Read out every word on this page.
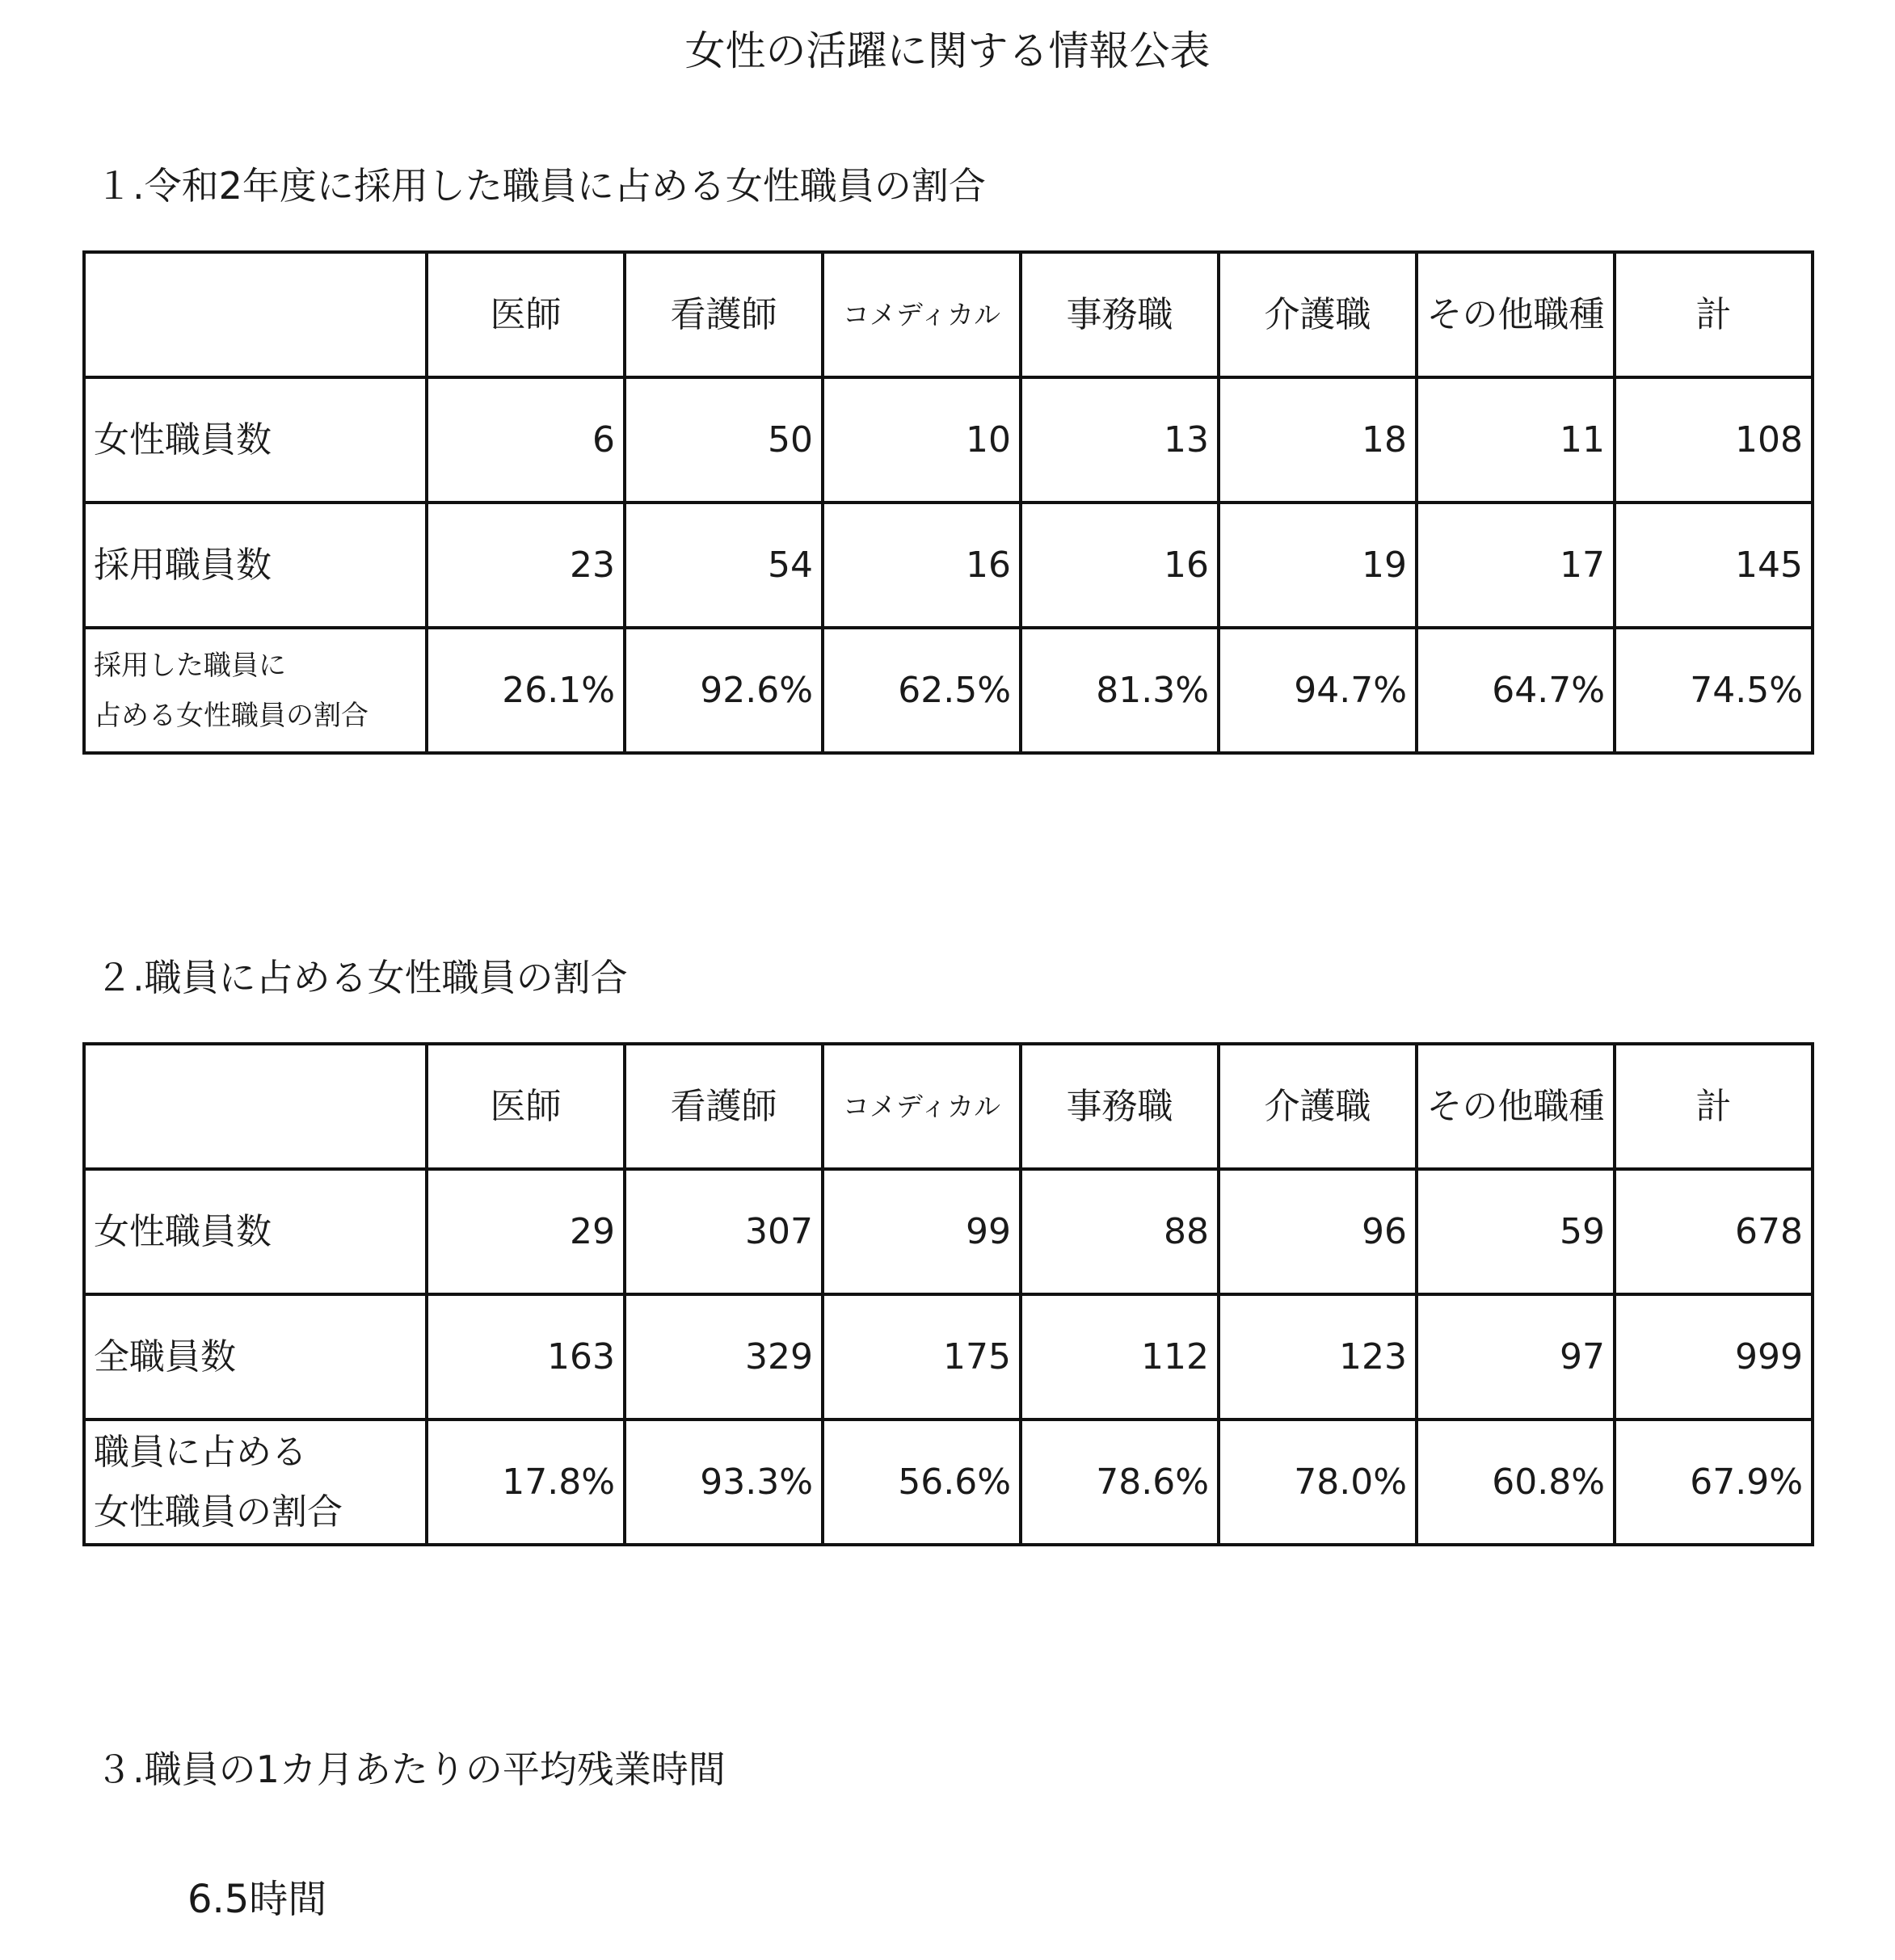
女性の活躍に関する情報公表
１.令和2年度に採用した職員に占める女性職員の割合
	医師	看護師	コメディカル	事務職	介護職	その他職種	計
女性職員数	6	50	10	13	18	11	108
採用職員数	23	54	16	16	19	17	145
採用した職員に
占める女性職員の割合	26.1%	92.6%	62.5%	81.3%	94.7%	64.7%	74.5%
２.職員に占める女性職員の割合
	医師	看護師	コメディカル	事務職	介護職	その他職種	計
女性職員数	29	307	99	88	96	59	678
全職員数	163	329	175	112	123	97	999
職員に占める
女性職員の割合	17.8%	93.3%	56.6%	78.6%	78.0%	60.8%	67.9%
３.職員の1カ月あたりの平均残業時間
6.5時間
